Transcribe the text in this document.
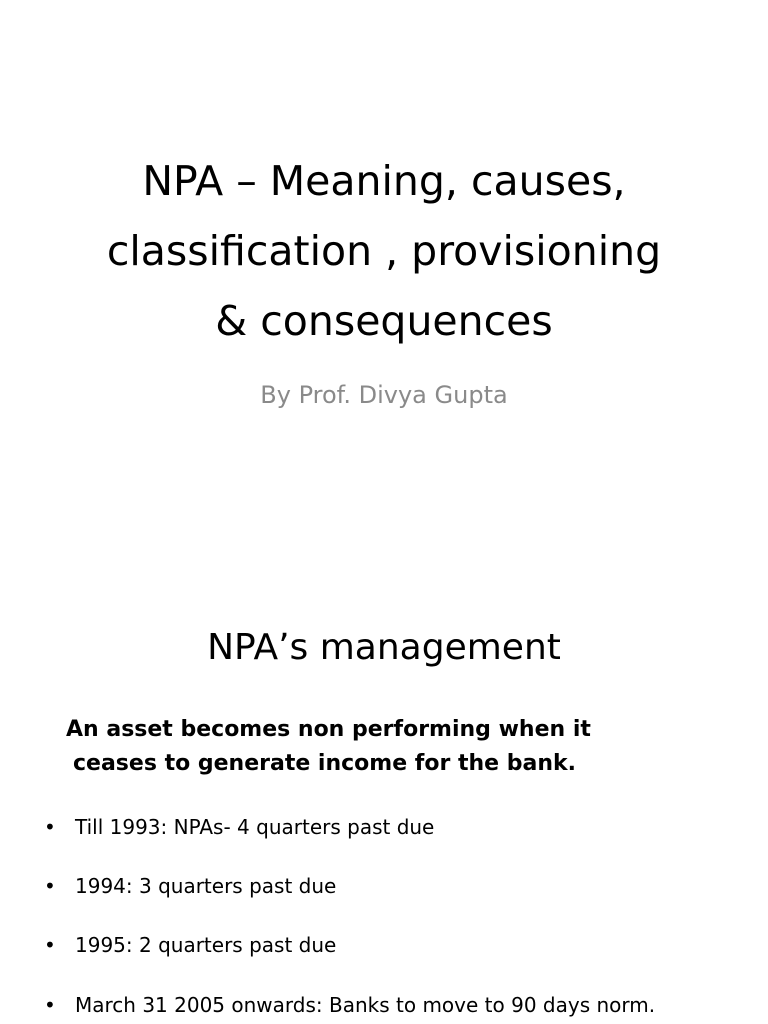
NPA – Meaning, causes,
classification , provisioning
& consequences

By Prof. Divya Gupta

NPA’s management

An asset becomes non performing when it
ceases to generate income for the bank.

• Till 1993: NPAs- 4 quarters past due
• 1994: 3 quarters past due
• 1995: 2 quarters past due
• March 31 2005 onwards: Banks to move to 90 days norm.
